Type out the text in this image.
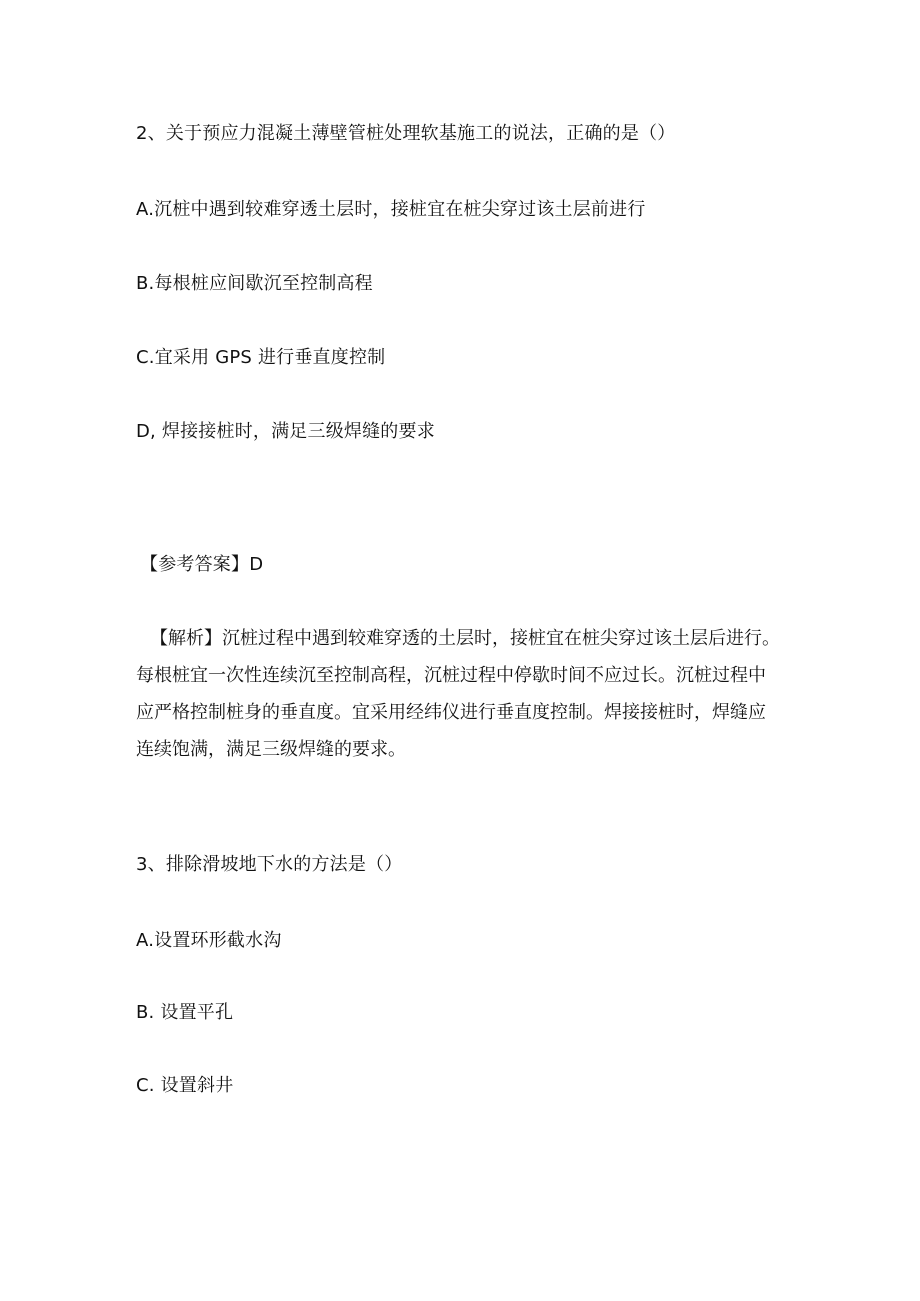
2、关于预应力混凝土薄壁管桩处理软基施工的说法，正确的是（）
A.沉桩中遇到较难穿透土层时，接桩宜在桩尖穿过该土层前进行
B.每根桩应间歇沉至控制高程
C.宜采用 GPS 进行垂直度控制
D, 焊接接桩时，满足三级焊缝的要求
【参考答案】D
【解析】沉桩过程中遇到较难穿透的土层时，接桩宜在桩尖穿过该土层后进行。
每根桩宜一次性连续沉至控制高程，沉桩过程中停歇时间不应过长。沉桩过程中
应严格控制桩身的垂直度。宜采用经纬仪进行垂直度控制。焊接接桩时，焊缝应
连续饱满，满足三级焊缝的要求。
3、排除滑坡地下水的方法是（）
A.设置环形截水沟
B. 设置平孔
C. 设置斜井
